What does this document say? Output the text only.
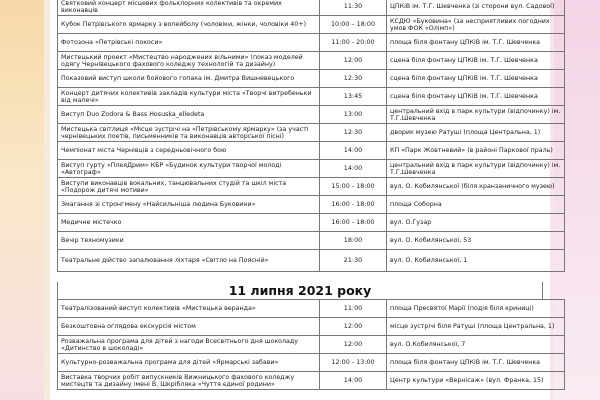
Святковий концерт місцевих фольклорних колективів та окремих виконавців	11:30	ЦПКіВ ім. Т.Г. Шевченка (зі сторони вул. Садової)
Кубок Петрівського ярмарку з волейболу (чоловіки, жінки, чоловіки 40+)	10:00 – 18:00	КСДЮ «Буковина» (за несприятливих погодних умов ФОК «Олімп»)
Фотозона «Петрівські покоси»	11:00 - 20:00	площа біля фонтану ЦПКіВ ім. Т.Г. Шевченка
Мистецький проект «Мистецтво народжених вільними» (показ моделей одягу Чернівецького фахового коледжу технологій та дизайну)	12:00	сцена біля фонтану ЦПКіВ ім. Т.Г. Шевченка
Показовий виступ школи бойового гопака ім. Дмитра Вишневецького	12:30	сцена біля фонтану ЦПКіВ ім. Т.Г. Шевченка
Концерт дитячих колективів закладів культури міста «Творчі витребеньки від малечі»	13:45	сцена біля фонтану ЦПКіВ ім. Т.Г. Шевченка
Виступ Duo Zodora & Bass Hosuska_elledeta	13:00	центральний вхід в парк культури (відпочинку) ім. Т.Г.Шевченка
Мистецька світлиця «Місце зустрічі на «Петрівському ярмарку» (за участі чернівецьких поетів, письменників та виконавців авторської пісні)	12:30	дворик музею Ратуші (площа Центральна, 1)
Чемпіонат міста Чернівців з середньовічного бою	14:00	КП «Парк Жовтневий» (в районі Паркової праль)
Виступ гурту «ПлеяДрим» КБР «Будинок культури творчої молоді «Автограф»	14:00	центральний вхід в парк культури (відпочинку) ім. Т.Г.Шевченка
Виступи виконавців вокальних, танцювальних студій та шкіл міста «Подорож дитячі мотиви»	15:00 - 18:00	вул. О. Кобилянської (біля кранзаничного музею)
Змагання зі стронгмену «Найсильніша людина Буковини»	16:00 - 18:00	площа Соборна
Медичне містечко	16:00 - 18:00	вул. О.Гузар
Вечір техномузики	18:00	вул. О. Кобилянської, 53
Театральне дійство запалювання ліхтаря «Світло на Поясній»	21:30	вул. О. Кобилянської, 1
11 липня 2021 року
Театралізований виступ колективів «Мистецька веранда»	11:00	площа Пресвятої Марії (подія біля криниці)
Безкоштовна оглядова екскурсія містом	12:00	місце зустрічі біля Ратуші (площа Центральна, 1)
Розважальна програма для дітей з нагоди Всесвітнього дня шоколаду «Дитинство в шоколаді»	12:00	вул. О.Кобилянської, 7
Культурно-розважальна програма для дітей «Ярмарські забави»	12:00 - 13:00	площа біля фонтану ЦПКіВ ім. Т.Г. Шевченка
Виставка творчих робіт випускників Вижницького фахового коледжу мистецтв та дизайну імені В. Шкрібляка «Чуття єдиної родини»	14:00	Центр культури «Вернісаж» (вул. Франка, 15)
